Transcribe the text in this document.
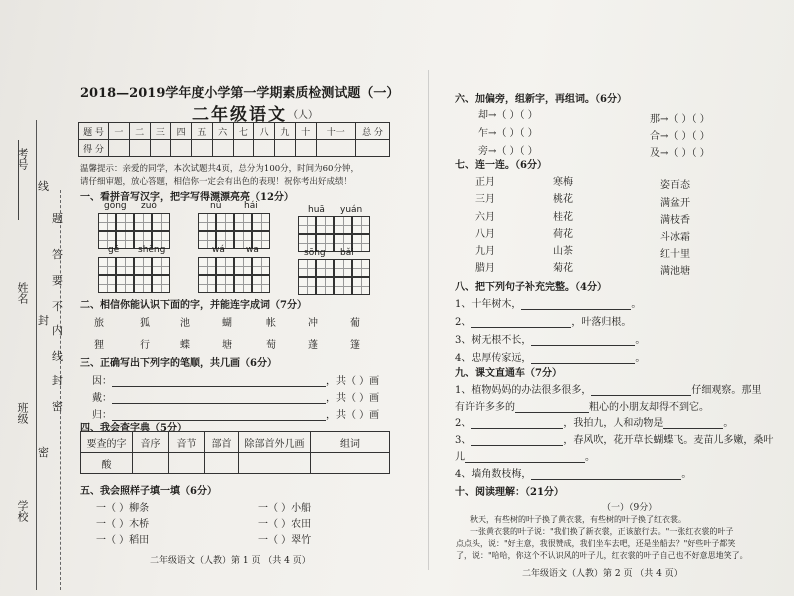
考号
姓名
班级
学校
线
封
密
题
答
要
不
内
线
封
密
2018—2019学年度小学第一学期素质检测试题（一）
二年级语文 （人）
题 号	一	二	三	四	五	六	七	八	九	十	十一	总 分
得 分												
温馨提示：亲爱的同学，本次试题共4页，总分为100分，时间为60分钟，
请仔细审题，放心答题，相信你一定会有出色的表现！祝你考出好成绩！
一、看拼音写汉字，把字写得漂漂亮亮（12分）
gōng zuò	nǚ	hái	huā yuán
gē shēng	wá wa	sōng bǎi
二、相信你能认识下面的字，并能连字成词（7分）
旅	狐	池	蝴	帐	冲	葡
狸	行	蝶	塘	萄	蓬	篷
三、正确写出下列字的笔顺，共几画（6分）
因：	，共（ ）画
戴：	，共（ ）画
归：	，共（ ）画
四、我会查字典（5分）
要查的字	音序	音节	部首	除部首外几画	组词
酸					
五、我会照样子填一填（6分）
一（ ）柳条
一（ ）木桥
一（ ）稻田
一（ ）小船
一（ ）农田
一（ ）翠竹
二年级语文（人教）第 1 页 （共 4 页）
六、加偏旁，组新字，再组词。（6分）
却→（ ）（ ）
乍→（ ）（ ）
旁→（ ）（ ）
那→（ ）（ ）
合→（ ）（ ）
及→（ ）（ ）
七、连一连。（6分）
正月
三月
六月
八月
九月
腊月
寒梅
桃花
桂花
荷花
山茶
菊花
姿百态
满盆开
满枝香
斗冰霜
红十里
满池塘
八、把下列句子补充完整。（4分）
1、十年树木，	。
2、	，叶落归根。
3、树无根不长，	。
4、忠厚传家远，	。
九、课文直通车（7分）
1、植物妈妈的办法很多很多，	仔细观察。那里
有许许多多的	粗心的小朋友却得不到它。
2、	，我拍九，人和动物是	。
3、	，春风吹，花开草长蝴蝶飞。麦苗儿多嫩，桑叶
儿	。
4、墙角数枝梅，	。
十、阅读理解：（21分）
（一）（9分）
秋天，有些树的叶子换了黄衣裳，有些树的叶子换了红衣裳。
一张黄衣裳的叶子说："我们换了新衣裳，正该旅行去。"一张红衣裳的叶子
点点头，说："好主意，我很赞成，我们坐车去吧，还是坐船去？"好些叶子都笑
了，说："哈哈，你这个不认识风的叶子儿，红衣裳的叶子自己也不好意思地笑了。
二年级语文（人教）第 2 页 （共 4 页）
